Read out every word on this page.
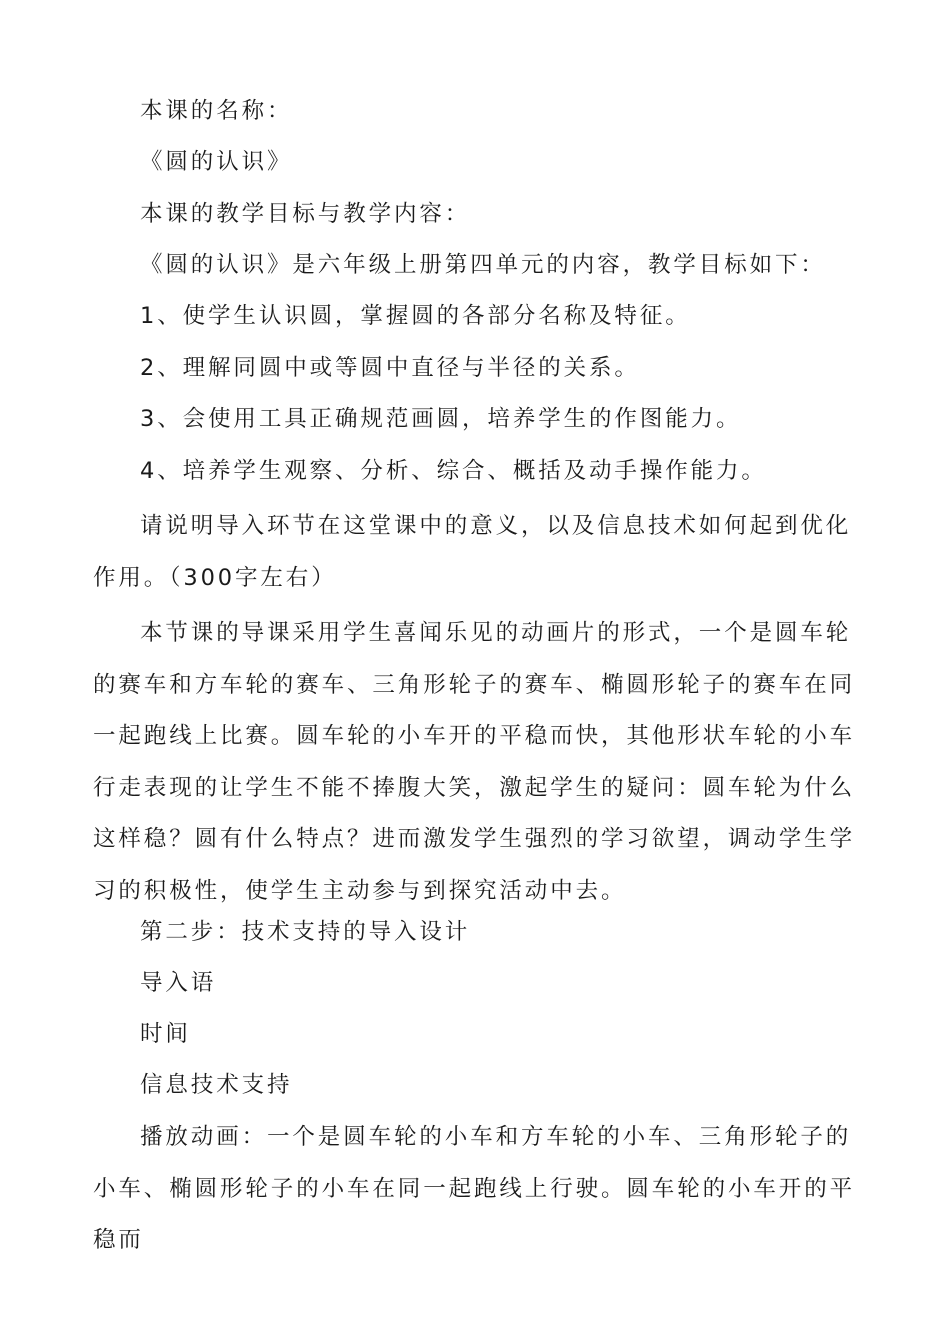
本课的名称：

《圆的认识》

本课的教学目标与教学内容：

《圆的认识》是六年级上册第四单元的内容，教学目标如下：

1、使学生认识圆，掌握圆的各部分名称及特征。

2、理解同圆中或等圆中直径与半径的关系。

3、会使用工具正确规范画圆，培养学生的作图能力。

4、培养学生观察、分析、综合、概括及动手操作能力。

请说明导入环节在这堂课中的意义，以及信息技术如何起到优化作用。（300字左右）

本节课的导课采用学生喜闻乐见的动画片的形式，一个是圆车轮的赛车和方车轮的赛车、三角形轮子的赛车、椭圆形轮子的赛车在同一起跑线上比赛。圆车轮的小车开的平稳而快，其他形状车轮的小车行走表现的让学生不能不捧腹大笑，激起学生的疑问：圆车轮为什么这样稳？圆有什么特点？进而激发学生强烈的学习欲望，调动学生学习的积极性，使学生主动参与到探究活动中去。

第二步：技术支持的导入设计

导入语

时间

信息技术支持

播放动画：一个是圆车轮的小车和方车轮的小车、三角形轮子的小车、椭圆形轮子的小车在同一起跑线上行驶。圆车轮的小车开的平稳而
